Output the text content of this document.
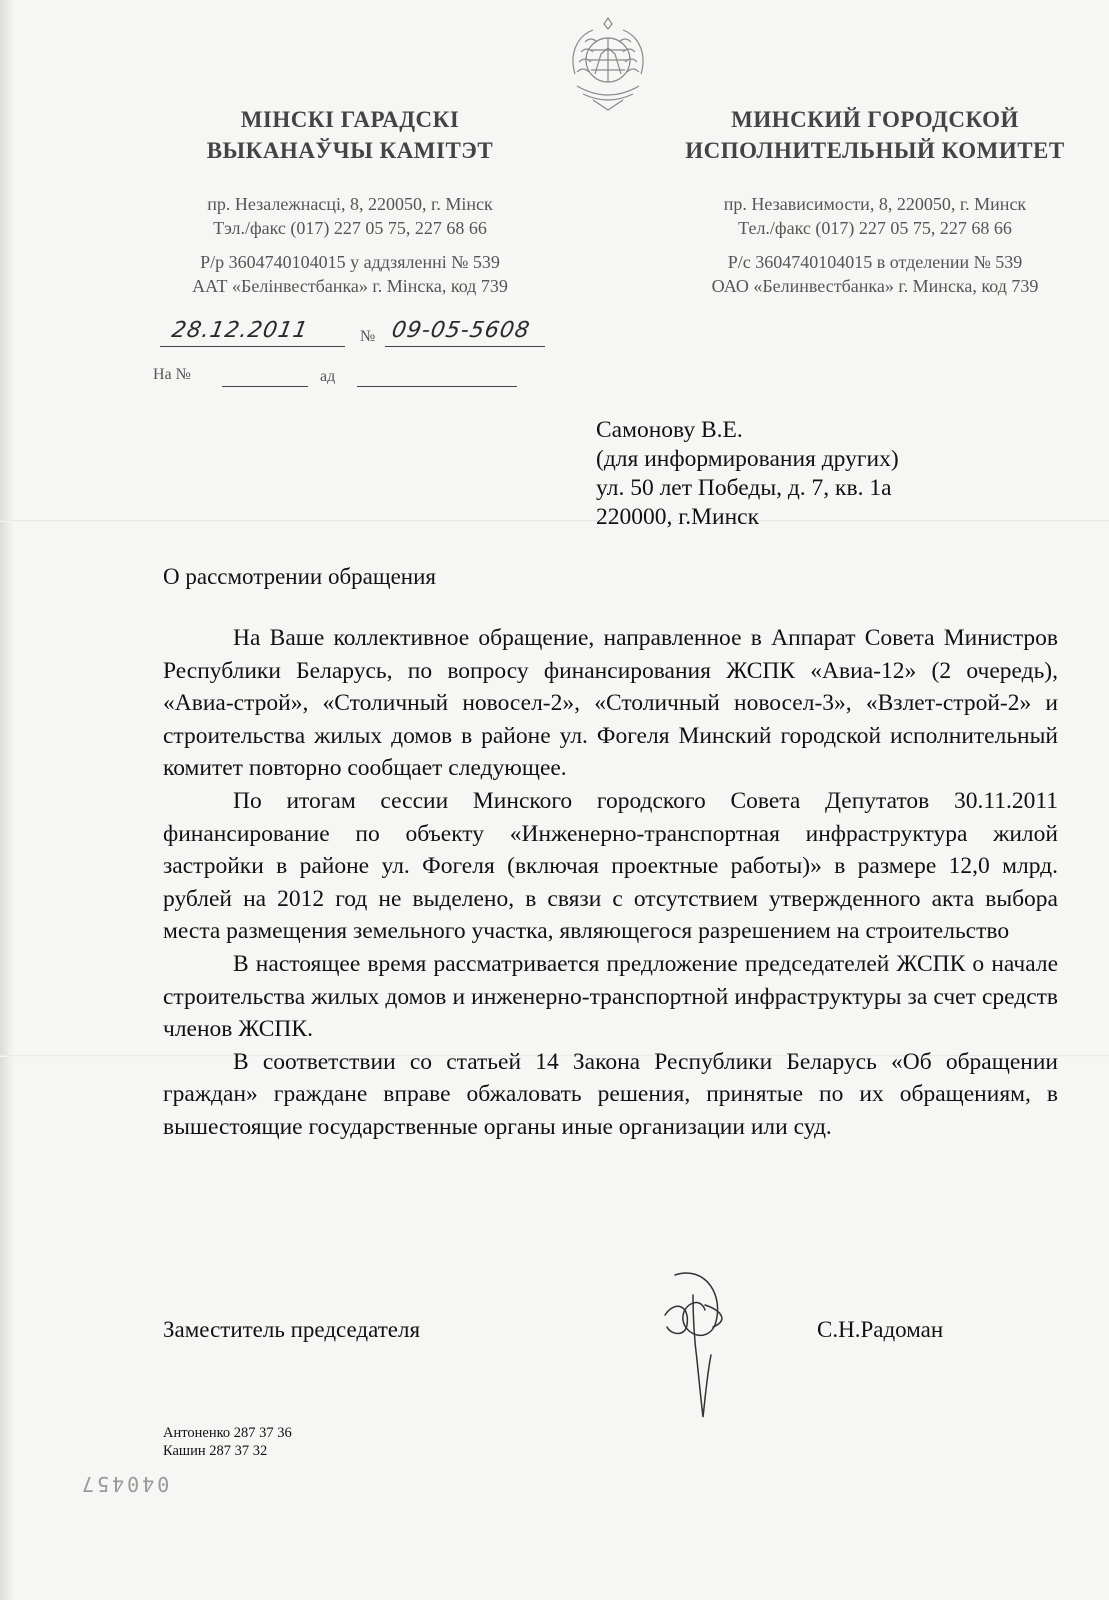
МІНСКІ ГАРАДСКІ
ВЫКАНАЎЧЫ КАМІТЭТ
МИНСКИЙ ГОРОДСКОЙ
ИСПОЛНИТЕЛЬНЫЙ КОМИТЕТ
пр. Незалежнасці, 8, 220050, г. Мінск
Тэл./факс (017) 227 05 75, 227 68 66
пр. Независимости, 8, 220050, г. Минск
Тел./факс (017) 227 05 75, 227 68 66
Р/р 3604740104015 у аддзяленні № 539
ААТ «Белінвестбанка» г. Мінска, код 739
Р/с 3604740104015 в отделении № 539
ОАО «Белинвестбанка» г. Минска, код 739
28.12.2011	№ 09-05-5608
На №	ад
Самонову В.Е.
(для информирования других)
ул. 50 лет Победы, д. 7, кв. 1а
220000, г.Минск
О рассмотрении обращения

На Ваше коллективное обращение, направленное в Аппарат Совета Министров Республики Беларусь, по вопросу финансирования ЖСПК «Авиа-12» (2 очередь), «Авиа-строй», «Столичный новосел-2», «Столичный новосел-3», «Взлет-строй-2» и строительства жилых домов в районе ул. Фогеля Минский городской исполнительный комитет повторно сообщает следующее.

По итогам сессии Минского городского Совета Депутатов 30.11.2011 финансирование по объекту «Инженерно-транспортная инфраструктура жилой застройки в районе ул. Фогеля (включая проектные работы)» в размере 12,0 млрд. рублей на 2012 год не выделено, в связи с отсутствием утвержденного акта выбора места размещения земельного участка, являющегося разрешением на строительство

В настоящее время рассматривается предложение председателей ЖСПК о начале строительства жилых домов и инженерно-транспортной инфраструктуры за счет средств членов ЖСПК.

В соответствии со статьей 14 Закона Республики Беларусь «Об обращении граждан» граждане вправе обжаловать решения, принятые по их обращениям, в вышестоящие государственные органы иные организации или суд.

Заместитель председателя	С.Н.Радоман
Антоненко 287 37 36
Кашин 287 37 32
040457
